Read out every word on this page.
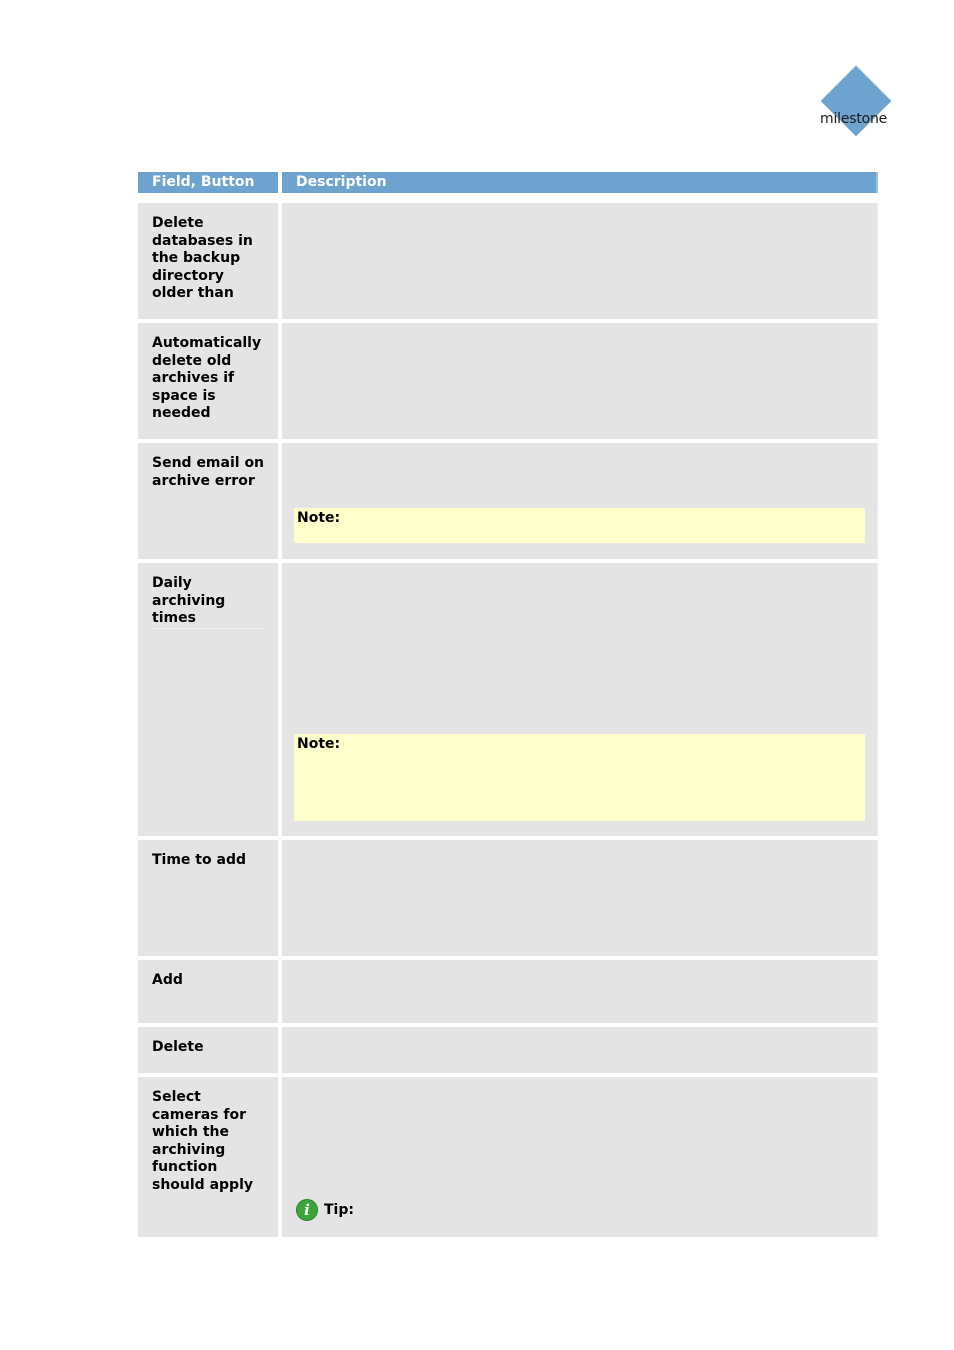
milestone
Field, Button	Description
Delete databases in the backup directory older than
Automatically delete old archives if space is needed
Send email on archive error
Note:
Daily archiving times
Note:
Time to add
Add
Delete
Select cameras for which the archiving function should apply
i	Tip:
